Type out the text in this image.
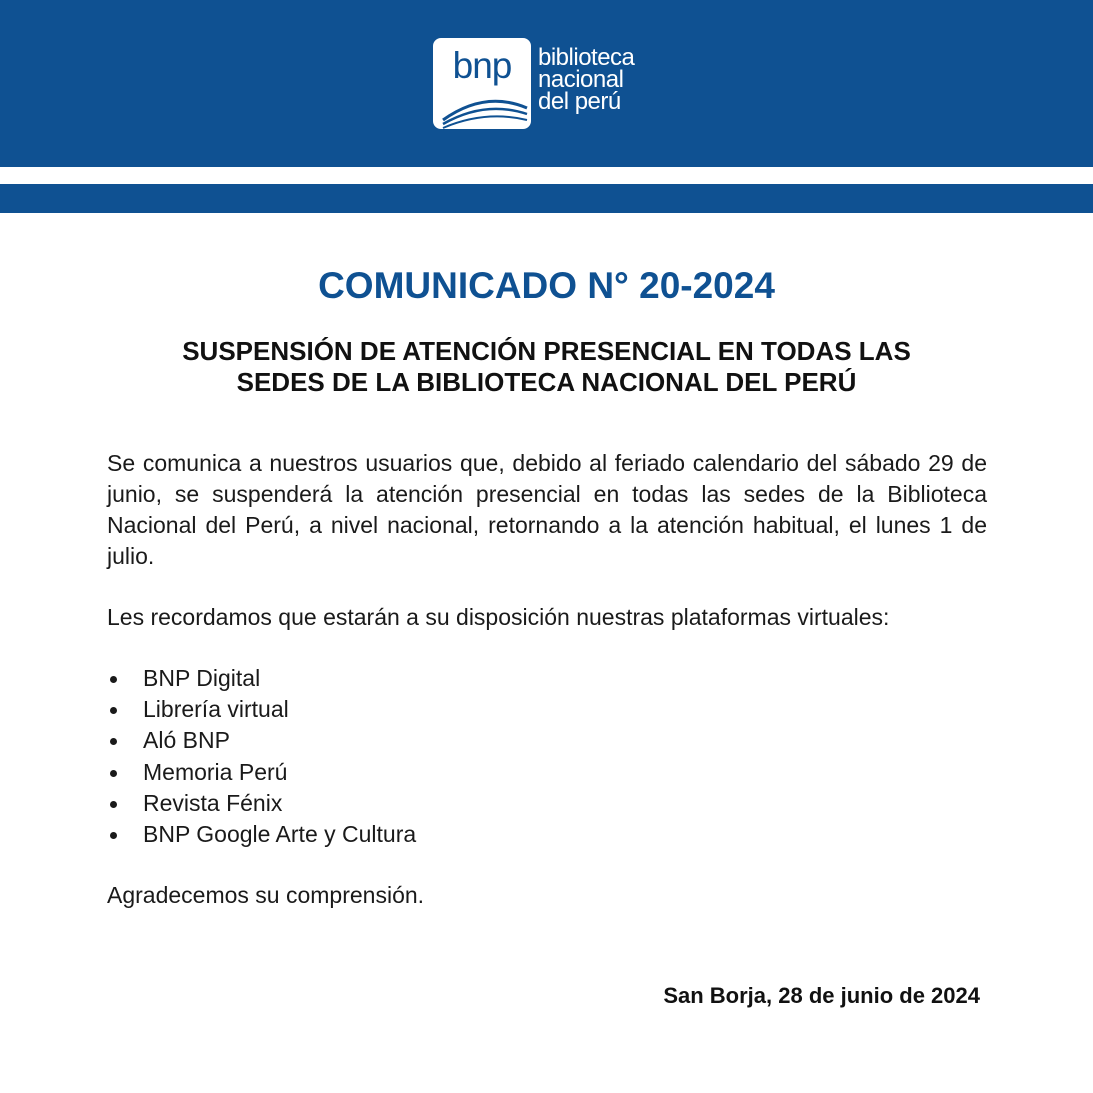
bnp	biblioteca
nacional
del perú
COMUNICADO N° 20-2024
SUSPENSIÓN DE ATENCIÓN PRESENCIAL EN TODAS LAS
SEDES DE LA BIBLIOTECA NACIONAL DEL PERÚ

Se comunica a nuestros usuarios que, debido al feriado calendario del sábado 29 de junio, se suspenderá la atención presencial en todas las sedes de la Biblioteca Nacional del Perú, a nivel nacional, retornando a la atención habitual, el lunes 1 de julio.

Les recordamos que estarán a su disposición nuestras plataformas virtuales:

BNP Digital
Librería virtual
Aló BNP
Memoria Perú
Revista Fénix
BNP Google Arte y Cultura

Agradecemos su comprensión.

San Borja, 28 de junio de 2024
